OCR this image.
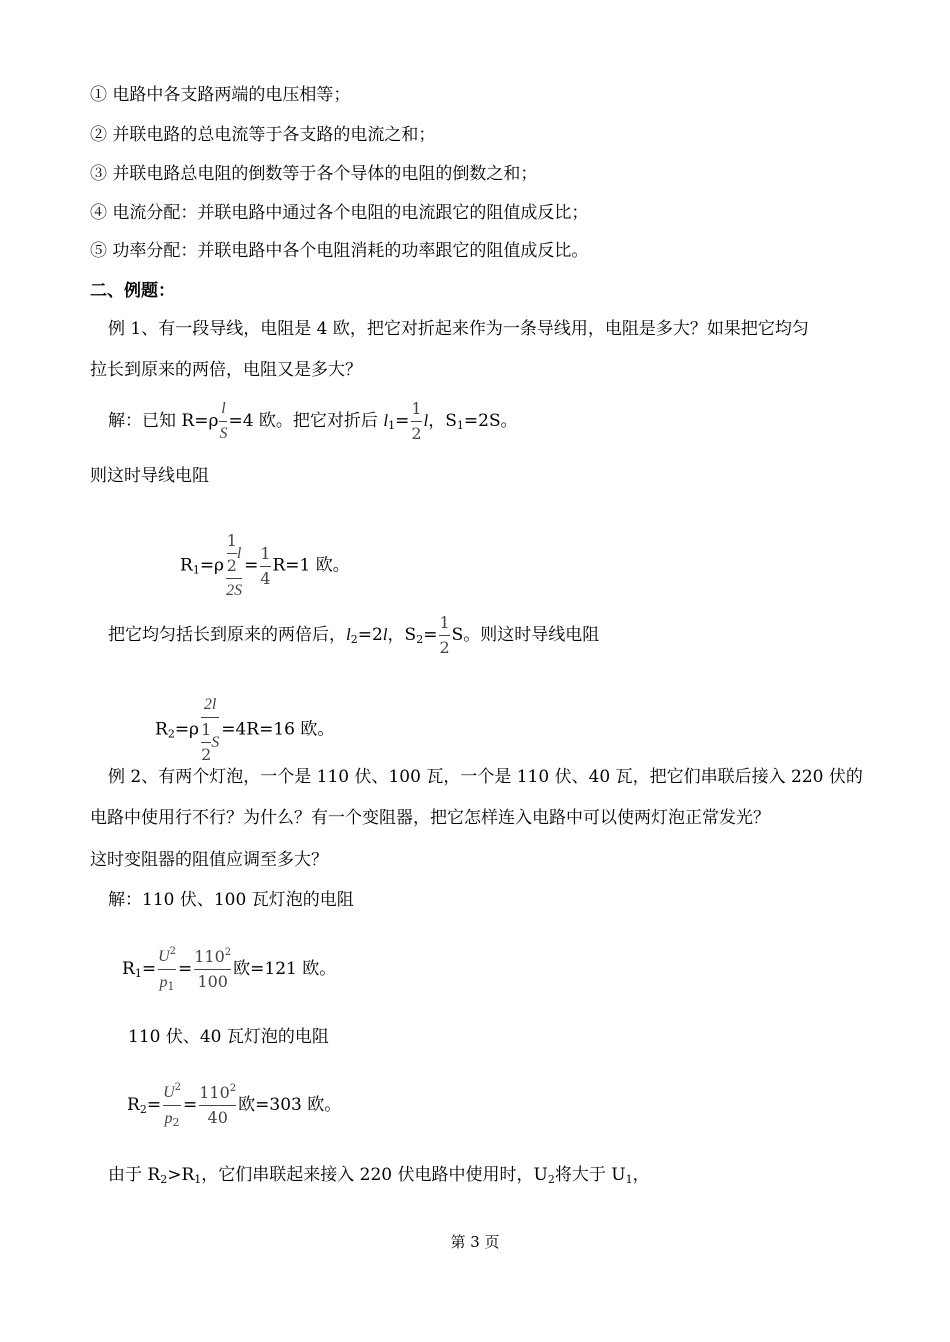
① 电路中各支路两端的电压相等；
② 并联电路的总电流等于各支路的电流之和；
③ 并联电路总电阻的倒数等于各个导体的电阻的倒数之和；
④ 电流分配：并联电路中通过各个电阻的电流跟它的阻值成反比；
⑤ 功率分配：并联电路中各个电阻消耗的功率跟它的阻值成反比。
二、例题：
例 1、有一段导线，电阻是 4 欧，把它对折起来作为一条导线用，电阻是多大？如果把它均匀
拉长到原来的两倍，电阻又是多大？
解：已知 $R=\rho \frac{l}{S} =4$ 欧。把它对折后 $l_1= \frac{1}{2}$ l，$S_1=2S$。
则这时导线电阻
$R_1=\rho \frac{\frac{1}{2} l}{2S} = \frac{1}{4} R=1$ 欧。
把它均匀括长到原来的两倍后，$l_2=2l$，$S_2= \frac{1}{2}$ S。则这时导线电阻
$R_2=\rho \frac{2l}{\frac{1}{2} S} =4R=16$ 欧。
例 2、有两个灯泡，一个是 110 伏、100 瓦，一个是 110 伏、40 瓦，把它们串联后接入 220 伏的
电路中使用行不行？为什么？有一个变阻器，把它怎样连入电路中可以使两灯泡正常发光？
这时变阻器的阻值应调至多大？
解：110 伏、100 瓦灯泡的电阻
$R_1= \frac{U^2}{p_1} = \frac{110^2}{100}$ 欧=121 欧。
110 伏、40 瓦灯泡的电阻
$R_2= \frac{U^2}{p_2} = \frac{110^2}{40}$ 欧=303 欧。
由于 $R_2>R_1$，它们串联起来接入 220 伏电路中使用时，$U_2$将大于 $U_1$，
第 3 页
